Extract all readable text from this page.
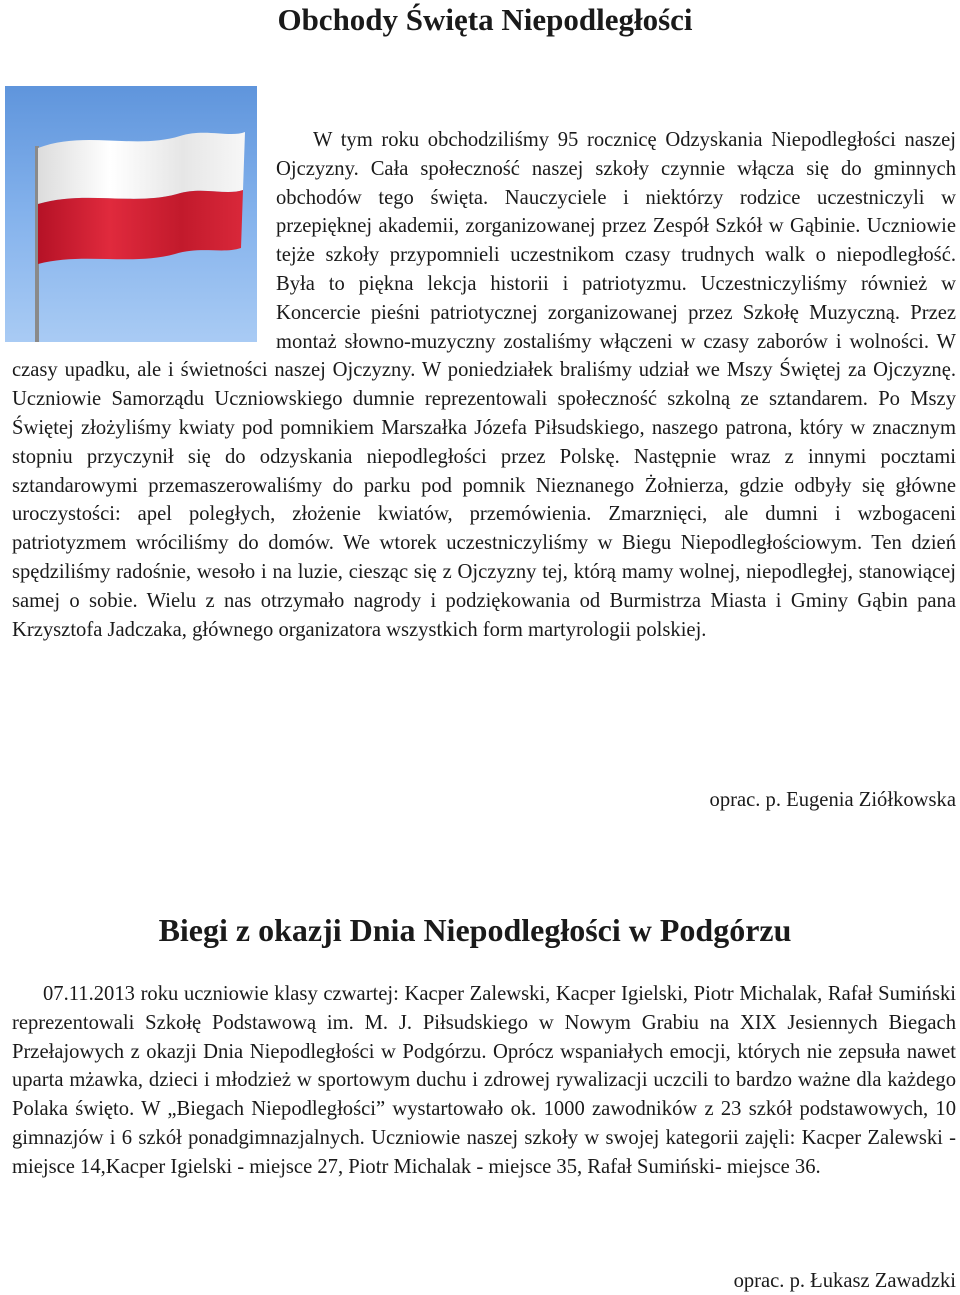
Obchody Święta Niepodległości

W tym roku obchodziliśmy 95 rocznicę Odzyskania Niepodległości naszej Ojczyzny. Cała społeczność naszej szkoły czynnie włącza się do gminnych obchodów tego święta. Nauczyciele i niektórzy rodzice uczestniczyli w przepięknej akademii, zorganizowanej przez Zespół Szkół w Gąbinie. Uczniowie tejże szkoły przypomnieli uczestnikom czasy trudnych walk o niepodległość. Była to piękna lekcja historii i patriotyzmu. Uczestniczyliśmy również w Koncercie pieśni patriotycznej zorganizowanej przez Szkołę Muzyczną. Przez montaż słowno-muzyczny zostaliśmy włączeni w czasy zaborów i wolności. W czasy upadku, ale i świetności naszej Ojczyzny. W poniedziałek braliśmy udział we Mszy Świętej za Ojczyznę. Uczniowie Samorządu Uczniowskiego dumnie reprezentowali społeczność szkolną ze sztandarem. Po Mszy Świętej złożyliśmy kwiaty pod pomnikiem Marszałka Józefa Piłsudskiego, naszego patrona, który w znacznym stopniu przyczynił się do odzyskania niepodległości przez Polskę. Następnie wraz z innymi pocztami sztandarowymi przemaszerowaliśmy do parku pod pomnik Nieznanego Żołnierza, gdzie odbyły się główne uroczystości: apel poległych, złożenie kwiatów, przemówienia. Zmarznięci, ale dumni i wzbogaceni patriotyzmem wróciliśmy do domów. We wtorek uczestniczyliśmy w Biegu Niepodległościowym. Ten dzień spędziliśmy radośnie, wesoło i na luzie, ciesząc się z Ojczyzny tej, którą mamy wolnej, niepodległej, stanowiącej samej o sobie. Wielu z nas otrzymało nagrody i podziękowania od Burmistrza Miasta i Gminy Gąbin pana Krzysztofa Jadczaka, głównego organizatora wszystkich form martyrologii polskiej.

oprac. p. Eugenia Ziółkowska

Biegi z okazji Dnia Niepodległości w Podgórzu

07.11.2013 roku uczniowie klasy czwartej: Kacper Zalewski, Kacper Igielski, Piotr Michalak, Rafał Sumiński reprezentowali Szkołę Podstawową im. M. J. Piłsudskiego w Nowym Grabiu na XIX Jesiennych Biegach Przełajowych z okazji Dnia Niepodległości w Podgórzu. Oprócz wspaniałych emocji, których nie zepsuła nawet uparta mżawka, dzieci i młodzież w sportowym duchu i zdrowej rywalizacji uczcili to bardzo ważne dla każdego Polaka święto. W „Biegach Niepodległości” wystartowało ok. 1000 zawodników z 23 szkół podstawowych, 10 gimnazjów i 6 szkół ponadgimnazjalnych. Uczniowie naszej szkoły w swojej kategorii zajęli: Kacper Zalewski - miejsce 14,Kacper Igielski - miejsce 27, Piotr Michalak - miejsce 35, Rafał Sumiński- miejsce 36.

oprac. p. Łukasz Zawadzki
